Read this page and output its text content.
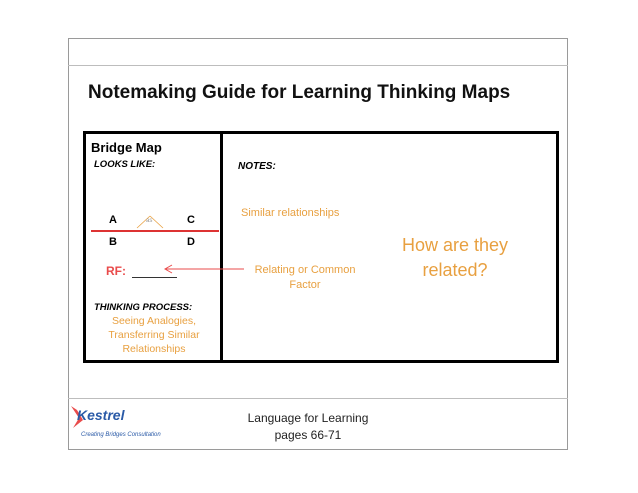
Notemaking Guide for Learning Thinking Maps
Bridge Map
LOOKS LIKE:
A	C
B	D
as
RF:
THINKING PROCESS:
Seeing Analogies,
Transferring Similar
Relationships
NOTES:
Similar relationships
Relating or Common
Factor
How are they
related?
Kestrel
Creating Bridges Consultation
Language for Learning
pages 66-71
